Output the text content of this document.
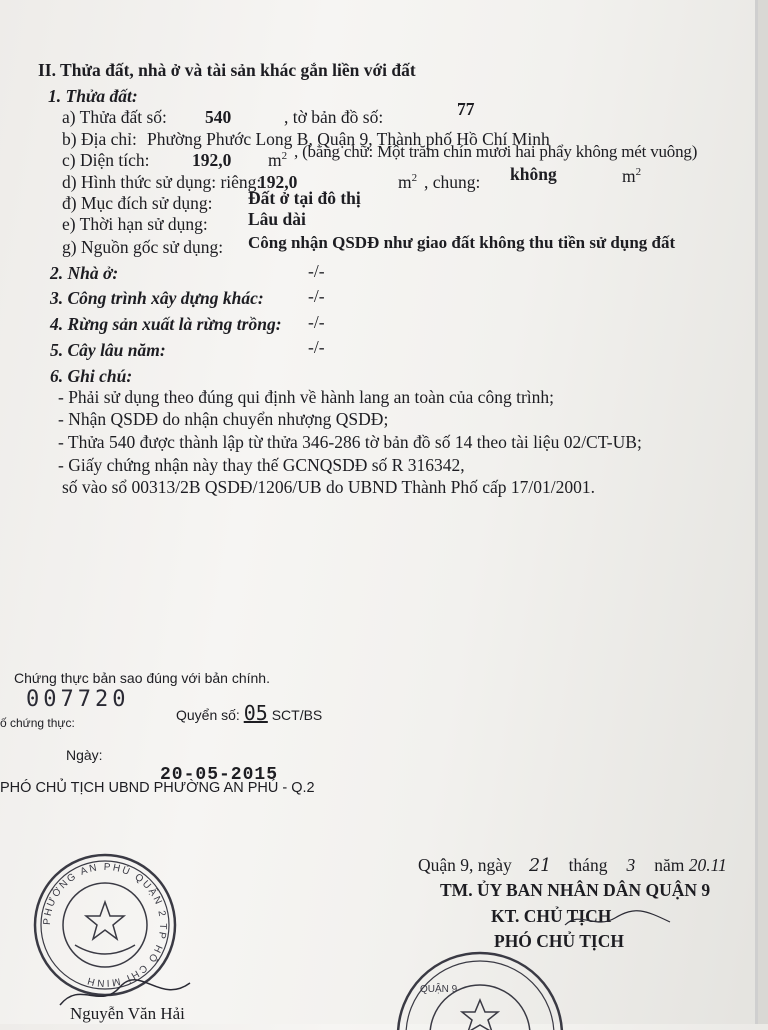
II. Thửa đất, nhà ở và tài sản khác gắn liền với đất
1. Thửa đất:
a) Thửa đất số: 540	, tờ bản đồ số:	77
b) Địa chỉ: Phường Phước Long B, Quận 9, Thành phố Hồ Chí Minh
c) Diện tích: 192,0 $m^2$ , (bằng chữ: Một trăm chín mươi hai phẩy không mét vuông)
d) Hình thức sử dụng: riêng:
192,0	$m^2$ , chung: không	$m^2$
đ) Mục đích sử dụng: Đất ở tại đô thị
e) Thời hạn sử dụng: Lâu dài
g) Nguồn gốc sử dụng: Công nhận QSDĐ như giao đất không thu tiền sử dụng đất
2. Nhà ở:	-/-
3. Công trình xây dựng khác:	-/-
4. Rừng sản xuất là rừng trồng: -/-
5. Cây lâu năm:	-/-
6. Ghi chú:
- Phải sử dụng theo đúng qui định về hành lang an toàn của công trình;
- Nhận QSDĐ do nhận chuyển nhượng QSDĐ;
- Thửa 540 được thành lập từ thửa 346-286 tờ bản đồ số 14 theo tài liệu 02/CT-UB;
- Giấy chứng nhận này thay thế GCNQSDĐ số R 316342,
số vào sổ 00313/2B QSDĐ/1206/UB do UBND Thành Phố cấp 17/01/2001.
Chứng thực bản sao đúng với bản chính.
ố chứng thực:
007720
Quyển số: 05 SCT/BS
Ngày:
20-05-2015
PHÓ CHỦ TỊCH UBND PHƯỜNG AN PHÚ - Q.2
Quận 9, ngày 21 tháng 3 năm 20.11
TM. ỦY BAN NHÂN DÂN QUẬN 9
KT. CHỦ TỊCH
PHÓ CHỦ TỊCH
PHƯỜNG AN PHÚ QUẬN 2 TP HỒ CHÍ MINH
Nguyễn Văn Hải
QUẬN 9
